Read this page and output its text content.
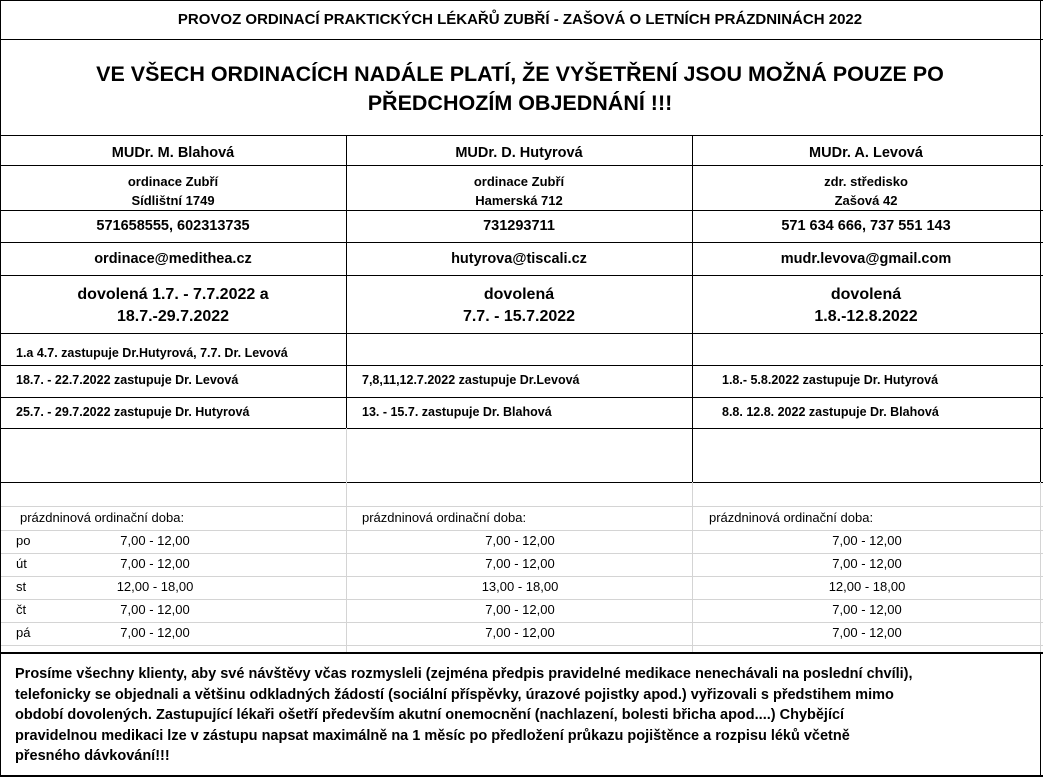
PROVOZ ORDINACÍ PRAKTICKÝCH LÉKAŘŮ ZUBŘÍ - ZAŠOVÁ O LETNÍCH PRÁZDNINÁCH 2022
VE VŠECH ORDINACÍCH NADÁLE PLATÍ, ŽE VYŠETŘENÍ JSOU MOŽNÁ POUZE PO
PŘEDCHOZÍM OBJEDNÁNÍ !!!
MUDr. M. Blahová
ordinace Zubří
Sídlištní 1749
571658555, 602313735
ordinace@medithea.cz
dovolená 1.7. - 7.7.2022 a
18.7.-29.7.2022
1.a 4.7. zastupuje Dr.Hutyrová, 7.7. Dr. Levová
18.7. - 22.7.2022 zastupuje Dr. Levová
25.7. - 29.7.2022 zastupuje Dr. Hutyrová
MUDr. D. Hutyrová
ordinace Zubří
Hamerská 712
731293711
hutyrova@tiscali.cz
dovolená
7.7. - 15.7.2022
7,8,11,12.7.2022 zastupuje Dr.Levová
13. - 15.7. zastupuje Dr. Blahová
MUDr. A. Levová
zdr. středisko
Zašová 42
571 634 666, 737 551 143
mudr.levova@gmail.com
dovolená
1.8.-12.8.2022
1.8.- 5.8.2022 zastupuje Dr. Hutyrová
8.8. 12.8. 2022 zastupuje Dr. Blahová
prázdninová ordinační doba:	prázdninová ordinační doba:	prázdninová ordinační doba:
po
út
st
čt
pá
7,00 - 12,00
7,00 - 12,00
12,00 - 18,00
7,00 - 12,00
7,00 - 12,00
7,00 - 12,00
7,00 - 12,00
13,00 - 18,00
7,00 - 12,00
7,00 - 12,00
7,00 - 12,00
7,00 - 12,00
12,00 - 18,00
7,00 - 12,00
7,00 - 12,00
Prosíme všechny klienty, aby své návštěvy včas rozmysleli (zejména předpis pravidelné medikace nenechávali na poslední chvíli),
telefonicky se objednali a většinu odkladných žádostí (sociální příspěvky, úrazové pojistky apod.) vyřizovali s předstihem mimo
období dovolených. Zastupující lékaři ošetří především akutní onemocnění (nachlazení, bolesti břicha apod....) Chybějící
pravidelnou medikaci lze v zástupu napsat maximálně na 1 měsíc po předložení průkazu pojištěnce a rozpisu léků včetně
přesného dávkování!!!
